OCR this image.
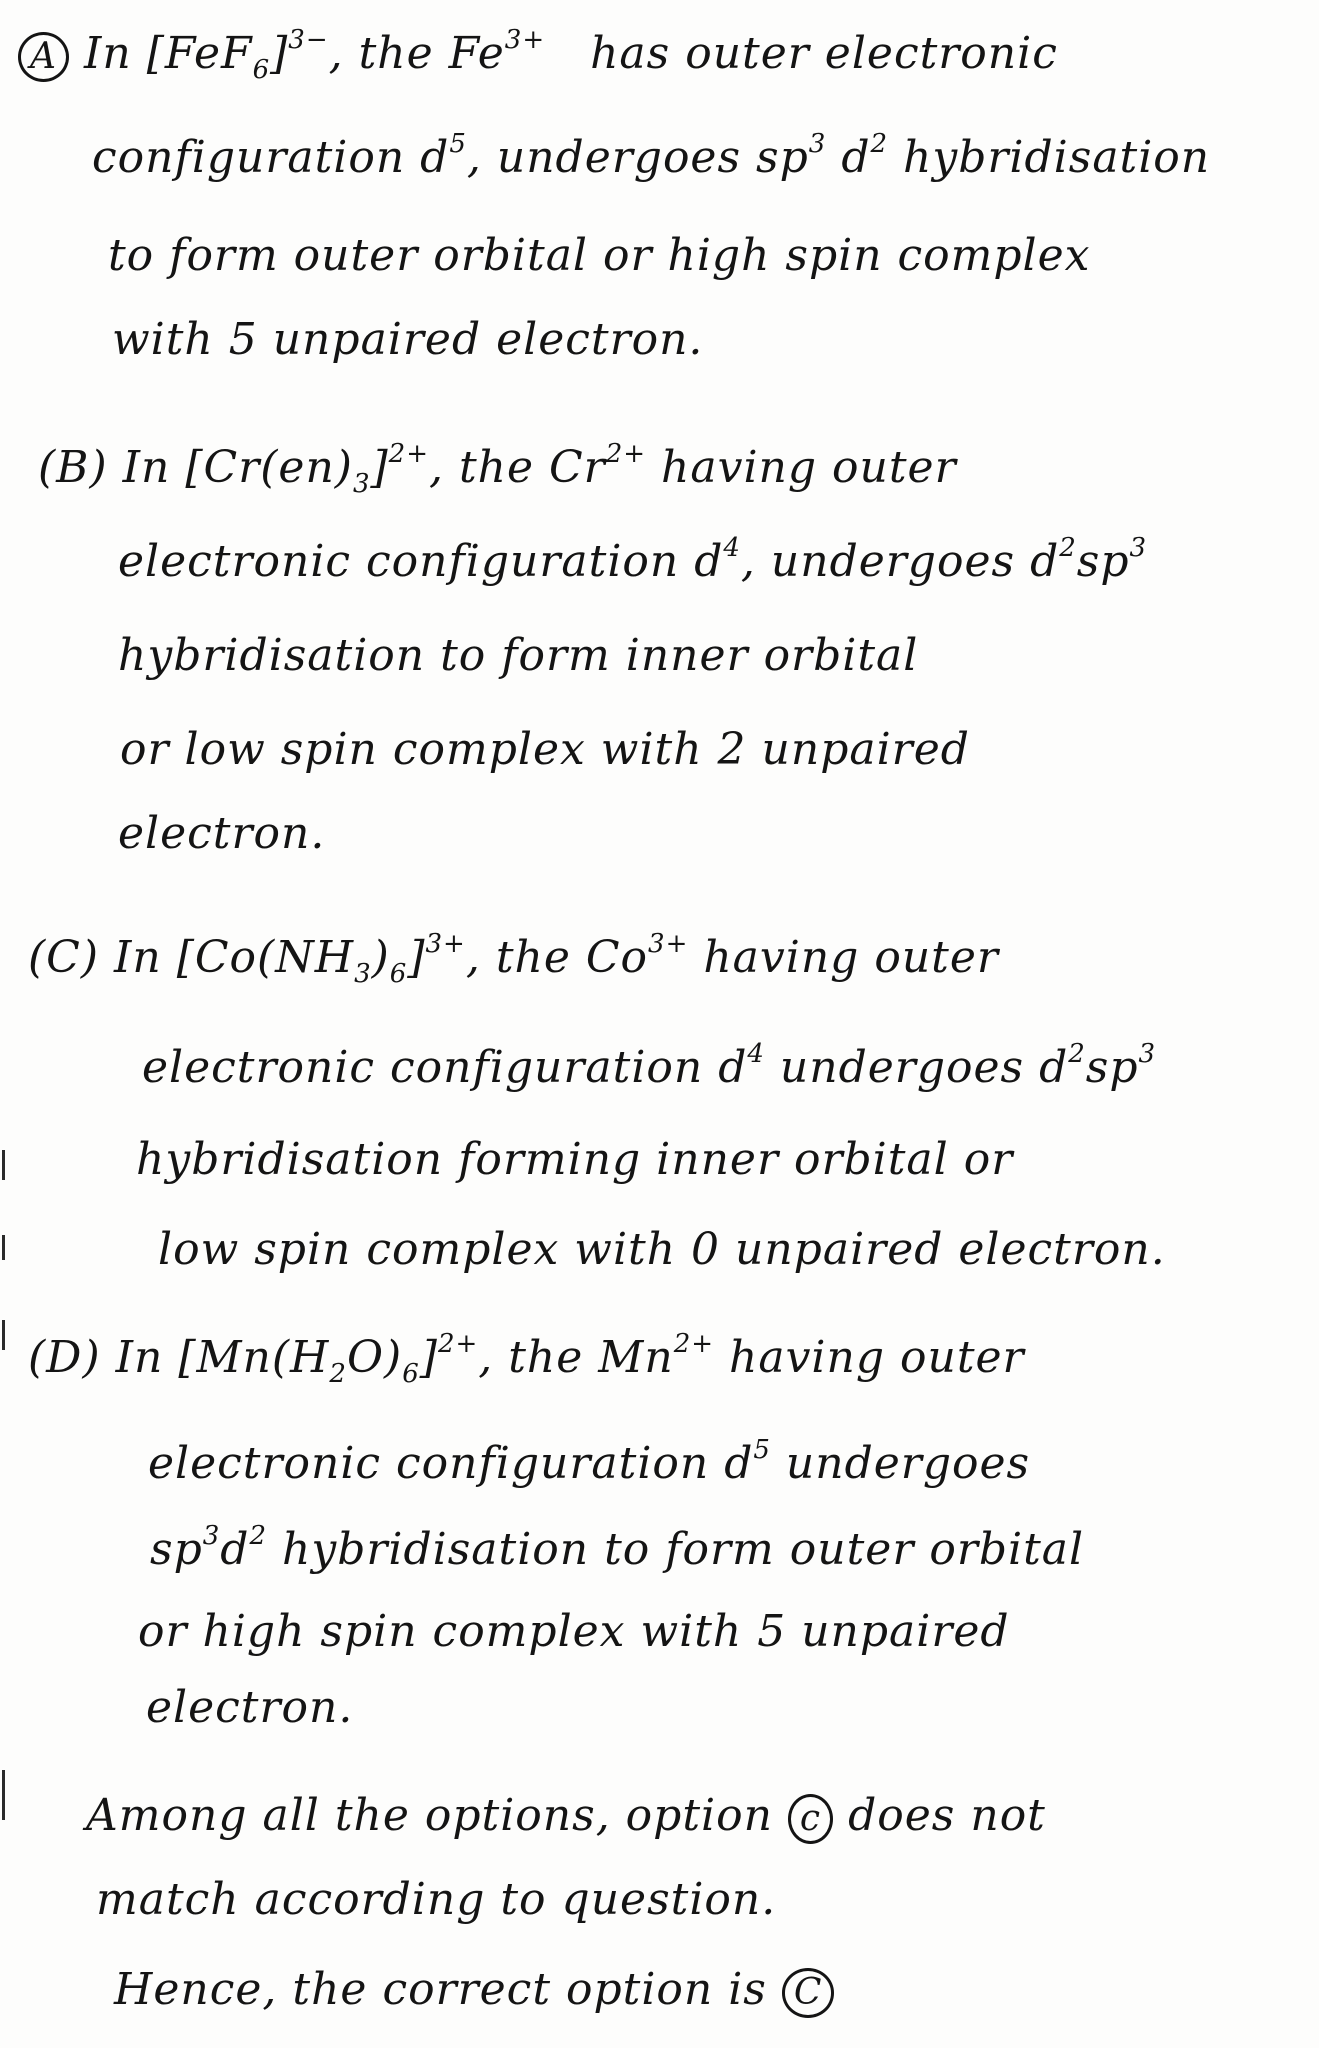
A In $[FeF_6]^{3-}$, the $Fe^{3+}$ has outer electronic
configuration $d^5$, undergoes $sp^3$ $d^2$ hybridisation
to form outer orbital or high spin complex
with 5 unpaired electron.
(B) In $[Cr(en)_3]^{2+}$, the $Cr^{2+}$ having outer
electronic configuration $d^4$, undergoes $d^2sp^3$
hybridisation to form inner orbital
or low spin complex with 2 unpaired
electron.
(C) In $[Co(NH_3)_6]^{3+}$, the $Co^{3+}$ having outer
electronic configuration $d^4$ undergoes $d^2sp^3$
hybridisation forming inner orbital or
low spin complex with 0 unpaired electron.
(D) In $[Mn(H_2O)_6]^{2+}$, the $Mn^{2+}$ having outer
electronic configuration $d^5$ undergoes
$sp^3d^2$ hybridisation to form outer orbital
or high spin complex with 5 unpaired
electron.
Among all the options, option c does not
match according to question.
Hence, the correct option is C
